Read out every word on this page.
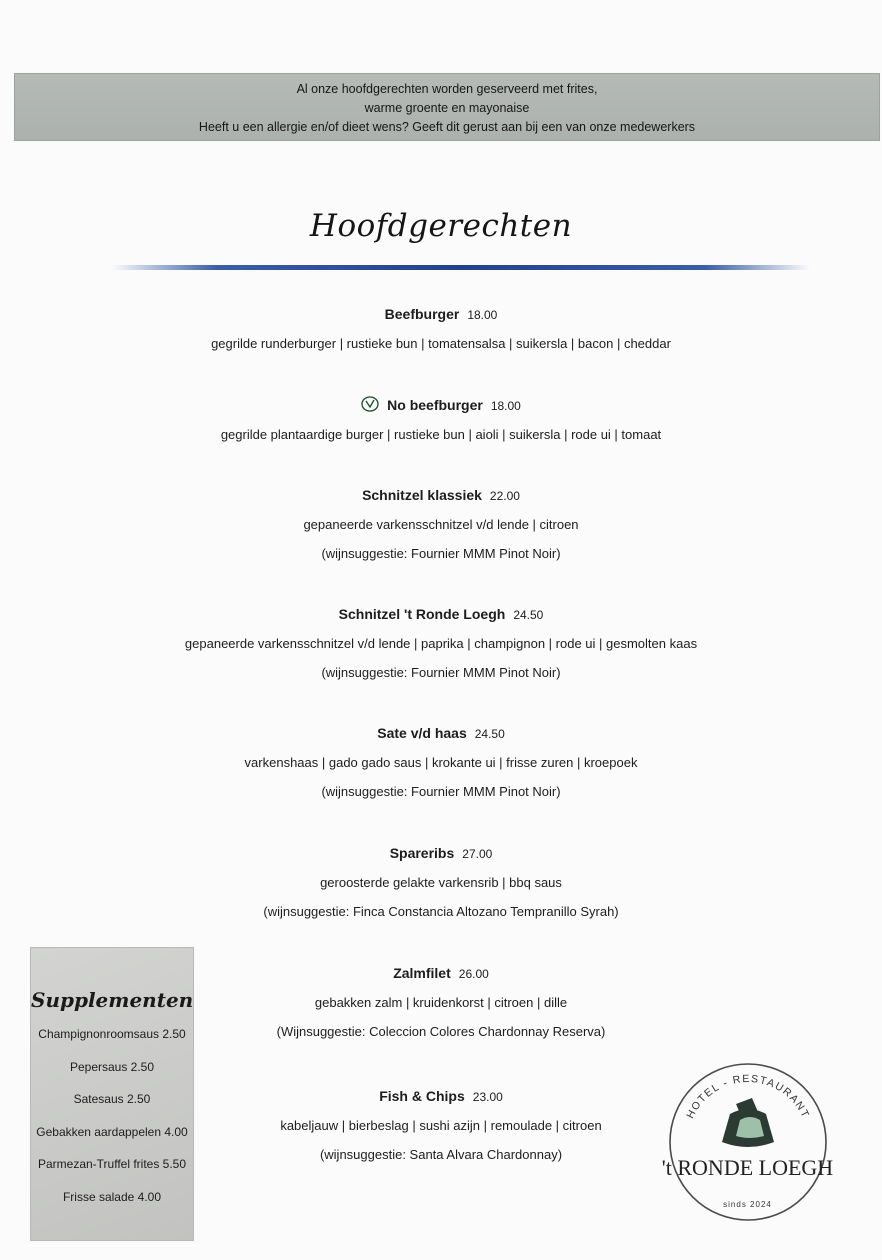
Al onze hoofdgerechten worden geserveerd met frites,
warme groente en mayonaise
Heeft u een allergie en/of dieet wens? Geeft dit gerust aan bij een van onze medewerkers
Hoofdgerechten
Beefburger 18.00
gegrilde runderburger | rustieke bun | tomatensalsa | suikersla | bacon | cheddar
No beefburger 18.00
gegrilde plantaardige burger | rustieke bun | aioli | suikersla | rode ui | tomaat
Schnitzel klassiek 22.00
gepaneerde varkensschnitzel v/d lende | citroen
(wijnsuggestie: Fournier MMM Pinot Noir)
Schnitzel 't Ronde Loegh 24.50
gepaneerde varkensschnitzel v/d lende | paprika | champignon | rode ui | gesmolten kaas
(wijnsuggestie: Fournier MMM Pinot Noir)
Sate v/d haas 24.50
varkenshaas | gado gado saus | krokante ui | frisse zuren | kroepoek
(wijnsuggestie: Fournier MMM Pinot Noir)
Spareribs 27.00
geroosterde gelakte varkensrib | bbq saus
(wijnsuggestie: Finca Constancia Altozano Tempranillo Syrah)
Zalmfilet 26.00
gebakken zalm | kruidenkorst | citroen | dille
(Wijnsuggestie: Coleccion Colores Chardonnay Reserva)
Fish & Chips 23.00
kabeljauw | bierbeslag | sushi azijn | remoulade | citroen
(wijnsuggestie: Santa Alvara Chardonnay)
Supplementen
Champignonroomsaus 2.50
Pepersaus 2.50
Satesaus 2.50
Gebakken aardappelen 4.00
Parmezan-Truffel frites 5.50
Frisse salade 4.00
HOTEL - RESTAURANT
't RONDE LOEGH
sinds 2024
